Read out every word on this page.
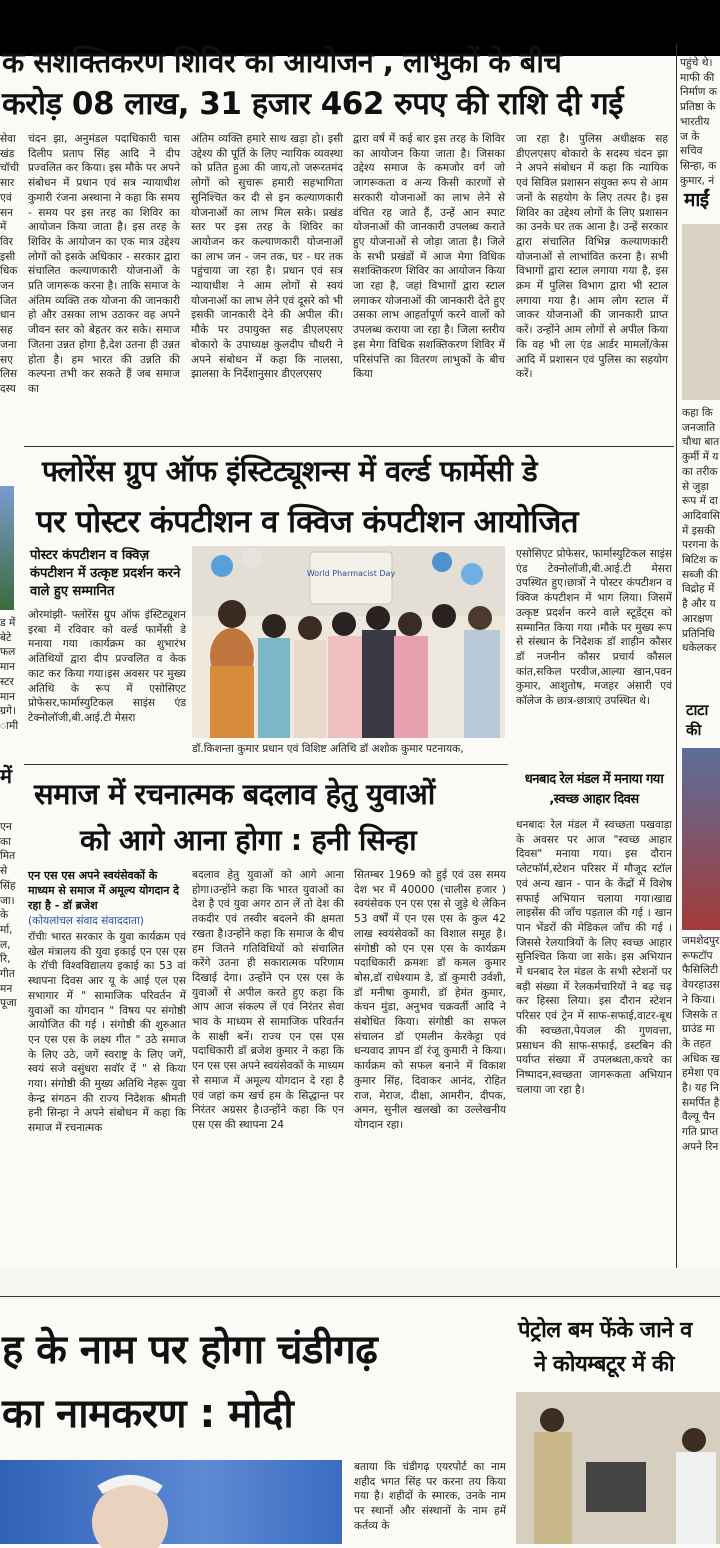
क सशक्तिकरण शिविर का आयोजन , लाभुकों के बीच
करोड़ 08 लाख, 31 हजार 462 रुपए की राशि दी गई
सेवा खंड चॉची सार एवं सन में विर इसी धिक जन जित धान सह जना सए लिस दस्य
चंदन झा, अनुमंडल पदाधिकारी चास दिलीप प्रताप सिंह आदि ने दीप प्रज्वलित कर किया। इस मौके पर अपने संबोधन में प्रधान एवं सत्र न्यायाधीश कुमारी रंजना अस्थाना ने कहा कि समय - समय पर इस तरह का शिविर का आयोजन किया जाता है। इस तरह के शिविर के आयोजन का एक मात्र उद्देश्य लोगों को इसके अधिकार - सरकार द्वारा संचालित कल्याणकारी योजनाओं के प्रति जागरूक करना है। ताकि समाज के अंतिम व्यक्ति तक योजना की जानकारी हो और उसका लाभ उठाकर वह अपने जीवन स्तर को बेहतर कर सके। समाज जितना उन्नत होगा है,देश उतना ही उन्नत होता है। हम भारत की उन्नति की कल्पना तभी कर सकते हैं जब समाज का
अंतिम व्यक्ति हमारे साथ खड़ा हो। इसी उद्देश्य की पूर्ति के लिए न्यायिक व्यवस्था को प्रतित हुआ की जाय,तो जरूरतमंद लोगों को सुचारू हमारी सहभागिता सुनिश्चित कर दी से इन कल्याणकारी योजनाओं का लाभ मिल सके। प्रखंड स्तर पर इस तरह के शिविर का आयोजन कर कल्याणकारी योजनाओं का लाभ जन - जन तक, घर - घर तक पहुंचाया जा रहा है। प्रधान एवं सत्र न्यायाधीश ने आम लोगों से स्वयं योजनाओं का लाभ लेने एवं दूसरे को भी इसकी जानकारी देने की अपील की। मौके पर उपायुक्त सह डीएलएसए बोकारो के उपाध्यक्ष कुलदीप चौधरी ने अपने संबोधन में कहा कि नालसा, झालसा के निर्देशानुसार डीएलएसए
द्वारा वर्ष में कई बार इस तरह के शिविर का आयोजन किया जाता है। जिसका उद्देश्य समाज के कमजोर वर्ग जो जागरूकता व अन्य किसी कारणों से सरकारी योजनाओं का लाभ लेने से वंचित रह जाते हैं, उन्हें आन स्पाट योजनाओं की जानकारी उपलब्ध कराते हुए योजनाओं से जोड़ा जाता है। जिले के सभी प्रखंडों में आज मेगा विधिक सशक्तिकरण शिविर का आयोजन किया जा रहा है, जहां विभागों द्वारा स्टाल लगाकर योजनाओं की जानकारी देते हुए उसका लाभ आहर्तापूर्ण करने वालों को उपलब्ध कराया जा रहा है। जिला स्तरीय इस मेगा विधिक सशक्तिकरण शिविर में परिसंपत्ति का वितरण लाभुकों के बीच किया
जा रहा है। पुलिस अधीक्षक सह डीएलएसए बोकारो के सदस्य चंदन झा ने अपने संबोधन में कहा कि न्यायिक एवं सिविल प्रशासन संयुक्त रूप से आम जनों के सहयोग के लिए तत्पर है। इस शिविर का उद्देश्य लोगों के लिए प्रशासन का उनके घर तक आना है। उन्हें सरकार द्वारा संचालित विभिन्न कल्याणकारी योजनाओं से लाभांवित करना है। सभी विभागों द्वारा स्टाल लगाया गया है, इस क्रम में पुलिस विभाग द्वारा भी स्टाल लगाया गया है। आम लोग स्टाल में जाकर योजनाओं की जानकारी प्राप्त करें। उन्होंने आम लोगों से अपील किया कि वह भी ला एंड आर्डर मामलों/केस आदि में प्रशासन एवं पुलिस का सहयोग करें।
पहुंचे थे। माफी की निर्माण क प्रतिष्ठा के भारतीय ज के सचिव सिन्हा, क कुमार, नं
माईं
कहा कि जनजाति चौथा बात कुर्मी में य का तरीक से जुड़ा रूप में दा आदिवासि में इसकी परगना के बिटिश क सब्जी की विद्रोह में है और य आरक्षण प्रतिनिधि धकेलकर
टाटा की
जमशेदपुर रूफटॉप फैसिलिटी वेयरहाउस ने किया। जिसके त ग्राउंड मा के तहत अधिक ख हमेशा एव है। यह नि समर्पित है वैल्यू चैन गति प्राप्त अपने रिन
ड में बेटे फल मान स्टर मान ग्रगे। ामी
में
एन का मित से सिंह जा। के र्मा, ल, रि, गीत मन पूजा
फ्लोरेंस ग्रुप ऑफ इंस्टिट्यूशन्स में वर्ल्ड फार्मेसी डे
पर पोस्टर कंपटीशन व क्विज कंपटीशन आयोजित
पोस्टर कंपटीशन व क्विज़ कंपटीशन में उत्कृष्ट प्रदर्शन करने वाले हुए सम्मानित
ओरमांझी- फ्लोरेंस ग्रुप ऑफ इंस्टिट्यूशन इरबा में रविवार को वर्ल्ड फार्मेसी डे मनाया गया ।कार्यक्रम का शुभारंभ अतिथियों द्वारा दीप प्रज्वलित व केक काट कर किया गया।इस अवसर पर मुख्य अतिथि के रूप में एसोसिएट प्रोफेसर,फार्मास्युटिकल साइंस एंड टेक्नोलॉजी,बी.आई.टी मेसरा
World Pharmacist Day
डॉ.किशन्ता कुमार प्रधान एवं विशिष्ट अतिथि डॉ अशोक कुमार पटनायक,
एसोसिएट प्रोफेसर, फार्मास्युटिकल साइंस एंड टेक्नोलॉजी,बी.आई.टी मेसरा उपस्थित हुए।छात्रों ने पोस्टर कंपटीशन व क्विज कंपटीशन में भाग लिया। जिसमें उत्कृष्ट प्रदर्शन करने वाले स्टूडेंट्स को सम्मानित किया गया ।मौके पर मुख्य रूप से संस्थान के निदेशक डॉ शाहीन कौसर डॉ नजनीन कौसर प्रचार्य कौसल कांत,सकिल परवीज,आल्या खान,पवन कुमार, आशुतोष, मजहर अंसारी एवं कॉलेज के छात्र-छात्राएं उपस्थित थे।
समाज में रचनात्मक बदलाव हेतु युवाओं
को आगे आना होगा : हनी सिन्हा
एन एस एस अपने स्वयंसेवकों के माध्यम से समाज में अमूल्य योगदान दे रहा है - डॉ ब्रजेश
(कोयलांचल संवाद संवाददाता)
रॉचीः भारत सरकार के युवा कार्यक्रम एवं खेल मंत्रालय की युवा इकाई एन एस एस के रॉची विश्वविद्यालय इकाई का 53 वां स्थापना दिवस आर यू के आई एल एस सभागार में " सामाजिक परिवर्तन में युवाओं का योगदान " विषय पर संगोष्ठी आयोजित की गई । संगोष्ठी की शुरुआत एन एस एस के लक्ष्य गीत " उठे समाज के लिए उठे, जगें स्वराष्ट्र के लिए जगें, स्वयं सजे वसुंधरा सवॉर दें " से किया गया। संगोष्ठी की मुख्य अतिथि नेहरू युवा केन्द्र संगठन की राज्य निदेशक श्रीमती हनी सिन्हा ने अपने संबोधन में कहा कि समाज में रचनात्मक
बदलाव हेतु युवाओं को आगे आना होगा।उन्होंने कहा कि भारत युवाओं का देश है एवं युवा अगर ठान लें तो देश की तकदीर एवं तस्वीर बदलने की क्षमता रखता है।उन्होंने कहा कि समाज के बीच हम जितने गतिविधियों को संचालित करेंगे उतना ही सकारात्मक परिणाम दिखाई देगा। उन्होंने एन एस एस के युवाओं से अपील करते हुए कहा कि आप आज संकल्प लें एवं निरंतर सेवा भाव के माध्यम से सामाजिक परिवर्तन के साक्षी बनें। राज्य एन एस एस पदाधिकारी डॉ ब्रजेश कुमार ने कहा कि एन एस एस अपने स्वयंसेवकों के माध्यम से समाज में अमूल्य योगदान दे रहा है एवं जहां कम खर्च हम के सिद्धान्त पर निरंतर अग्रसर है।उन्होंने कहा कि एन एस एस की स्थापना 24
सितम्बर 1969 को हुई एवं उस समय देश भर में 40000 (चालीस हजार ) स्वयंसेवक एन एस एस से जुड़े थे लेकिन 53 वर्षों में एन एस एस के कुल 42 लाख स्वयंसेवकों का विशाल समूह है। संगोष्ठी को एन एस एस के कार्यक्रम पदाधिकारी क्रमशः डॉ कमल कुमार बोस,डॉ राधेश्याम डे, डॉ कुमारी उर्वशी, डॉ मनीषा कुमारी, डॉ हेमंत कुमार, कंचन मुंडा, अनुभव चक्रवर्ती आदि ने संबोधित किया। संगोष्ठी का सफल संचालन डॉ एमलीन केरकेट्टा एवं धन्यवाद ज्ञापन डॉ रंजू कुमारी ने किया। कार्यक्रम को सफल बनाने में विकाश कुमार सिंह, दिवाकर आनंद, रोहित राज, मेराज, दीक्षा, आमरीन, दीपक, अमन, सुनील खलखो का उल्लेखनीय योगदान रहा।
धनबाद रेल मंडल में मनाया गया ,स्वच्छ आहार दिवस
धनबादः रेल मंडल में स्वच्छता पखवाड़ा के अवसर पर आज "स्वच्छ आहार दिवस" मनाया गया। इस दौरान प्लेटफॉर्म,स्टेशन परिसर में मौजूद स्टॉल एवं अन्य खान - पान के केंद्रों में विशेष सफाई अभियान चलाया गया।खाद्य लाइसेंस की जाँच पड़ताल की गई । खान पान भेंडरों की मेडिकल जाँच की गई । जिससे रेलयात्रियों के लिए स्वच्छ आहार सुनिश्चित किया जा सके। इस अभियान में धनबाद रेल मंडल के सभी स्टेशनों पर बड़ी संख्या में रेलकर्मचारियों ने बढ़ चढ़ कर हिस्सा लिया। इस दौरान स्टेशन परिसर एवं ट्रेन में साफ-सफाई,वाटर-बूथ की स्वच्छता,पेयजल की गुणवत्ता, प्रसाधन की साफ-सफाई, डस्टबिन की पर्याप्त संख्या में उपलब्धता,कचरे का निष्पादन,स्वच्छता जागरूकता अभियान चलाया जा रहा है।
ह के नाम पर होगा चंडीगढ़
का नामकरण : मोदी
बताया कि चंडीगढ़ एयरपोर्ट का नाम शहीद भगत सिंह पर करना तय किया गया है। शहीदों के स्मारक, उनके नाम पर स्थानों और संस्थानों के नाम हमें कर्तव्य के
पेट्रोल बम फेंके जाने व
ने कोयम्बटूर में की
